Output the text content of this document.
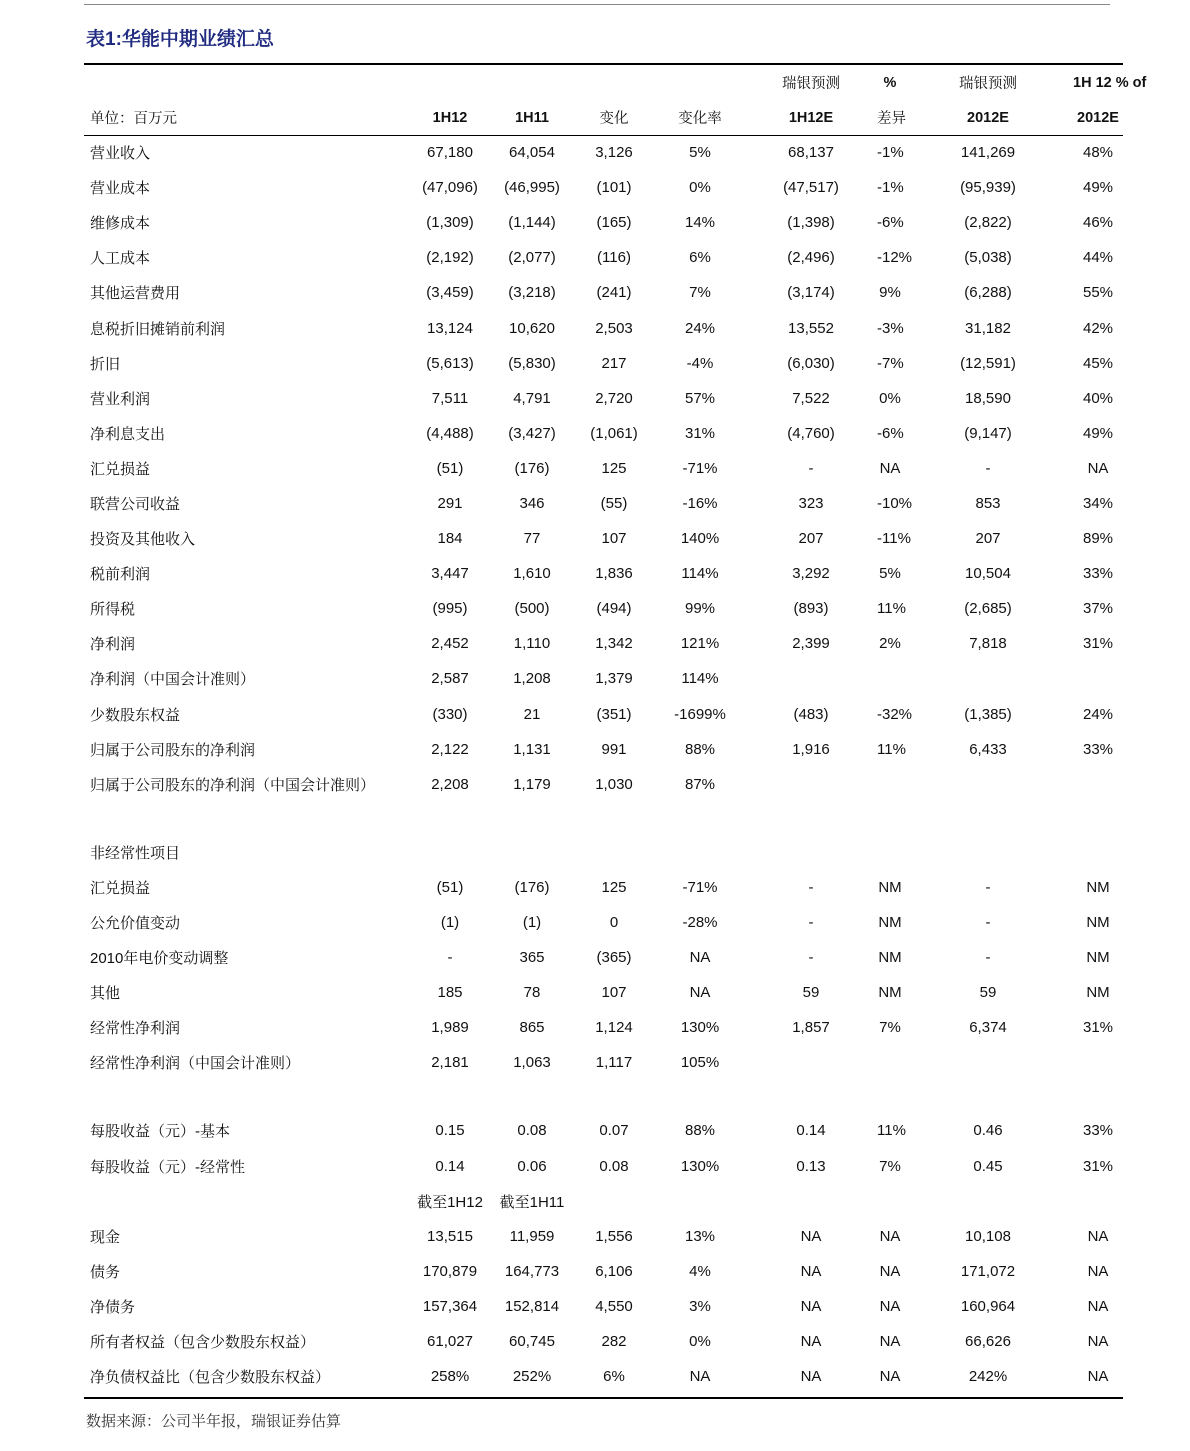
表1:华能中期业绩汇总
					瑞银预测	%	瑞银预测	1H 12 % of
单位：百万元	1H12	1H11	变化	变化率	1H12E	差异	2012E	2012E
营业收入	67,180	64,054	3,126	5%	68,137	-1%	141,269	48%
营业成本	(47,096)	(46,995)	(101)	0%	(47,517)	-1%	(95,939)	49%
维修成本	(1,309)	(1,144)	(165)	14%	(1,398)	-6%	(2,822)	46%
人工成本	(2,192)	(2,077)	(116)	6%	(2,496)	-12%	(5,038)	44%
其他运营费用	(3,459)	(3,218)	(241)	7%	(3,174)	9%	(6,288)	55%
息税折旧摊销前利润	13,124	10,620	2,503	24%	13,552	-3%	31,182	42%
折旧	(5,613)	(5,830)	217	-4%	(6,030)	-7%	(12,591)	45%
营业利润	7,511	4,791	2,720	57%	7,522	0%	18,590	40%
净利息支出	(4,488)	(3,427)	(1,061)	31%	(4,760)	-6%	(9,147)	49%
汇兑损益	(51)	(176)	125	-71%	-	NA	-	NA
联营公司收益	291	346	(55)	-16%	323	-10%	853	34%
投资及其他收入	184	77	107	140%	207	-11%	207	89%
税前利润	3,447	1,610	1,836	114%	3,292	5%	10,504	33%
所得税	(995)	(500)	(494)	99%	(893)	11%	(2,685)	37%
净利润	2,452	1,110	1,342	121%	2,399	2%	7,818	31%
净利润（中国会计准则）	2,587	1,208	1,379	114%				
少数股东权益	(330)	21	(351)	-1699%	(483)	-32%	(1,385)	24%
归属于公司股东的净利润	2,122	1,131	991	88%	1,916	11%	6,433	33%
归属于公司股东的净利润（中国会计准则）	2,208	1,179	1,030	87%				

非经常性项目								
汇兑损益	(51)	(176)	125	-71%	-	NM	-	NM
公允价值变动	(1)	(1)	0	-28%	-	NM	-	NM
2010年电价变动调整	-	365	(365)	NA	-	NM	-	NM
其他	185	78	107	NA	59	NM	59	NM
经常性净利润	1,989	865	1,124	130%	1,857	7%	6,374	31%
经常性净利润（中国会计准则）	2,181	1,063	1,117	105%				

每股收益（元）-基本	0.15	0.08	0.07	88%	0.14	11%	0.46	33%
每股收益（元）-经常性	0.14	0.06	0.08	130%	0.13	7%	0.45	31%
	截至1H12	截至1H11						
现金	13,515	11,959	1,556	13%	NA	NA	10,108	NA
债务	170,879	164,773	6,106	4%	NA	NA	171,072	NA
净债务	157,364	152,814	4,550	3%	NA	NA	160,964	NA
所有者权益（包含少数股东权益）	61,027	60,745	282	0%	NA	NA	66,626	NA
净负债权益比（包含少数股东权益）	258%	252%	6%	NA	NA	NA	242%	NA
数据来源：公司半年报，瑞银证券估算
